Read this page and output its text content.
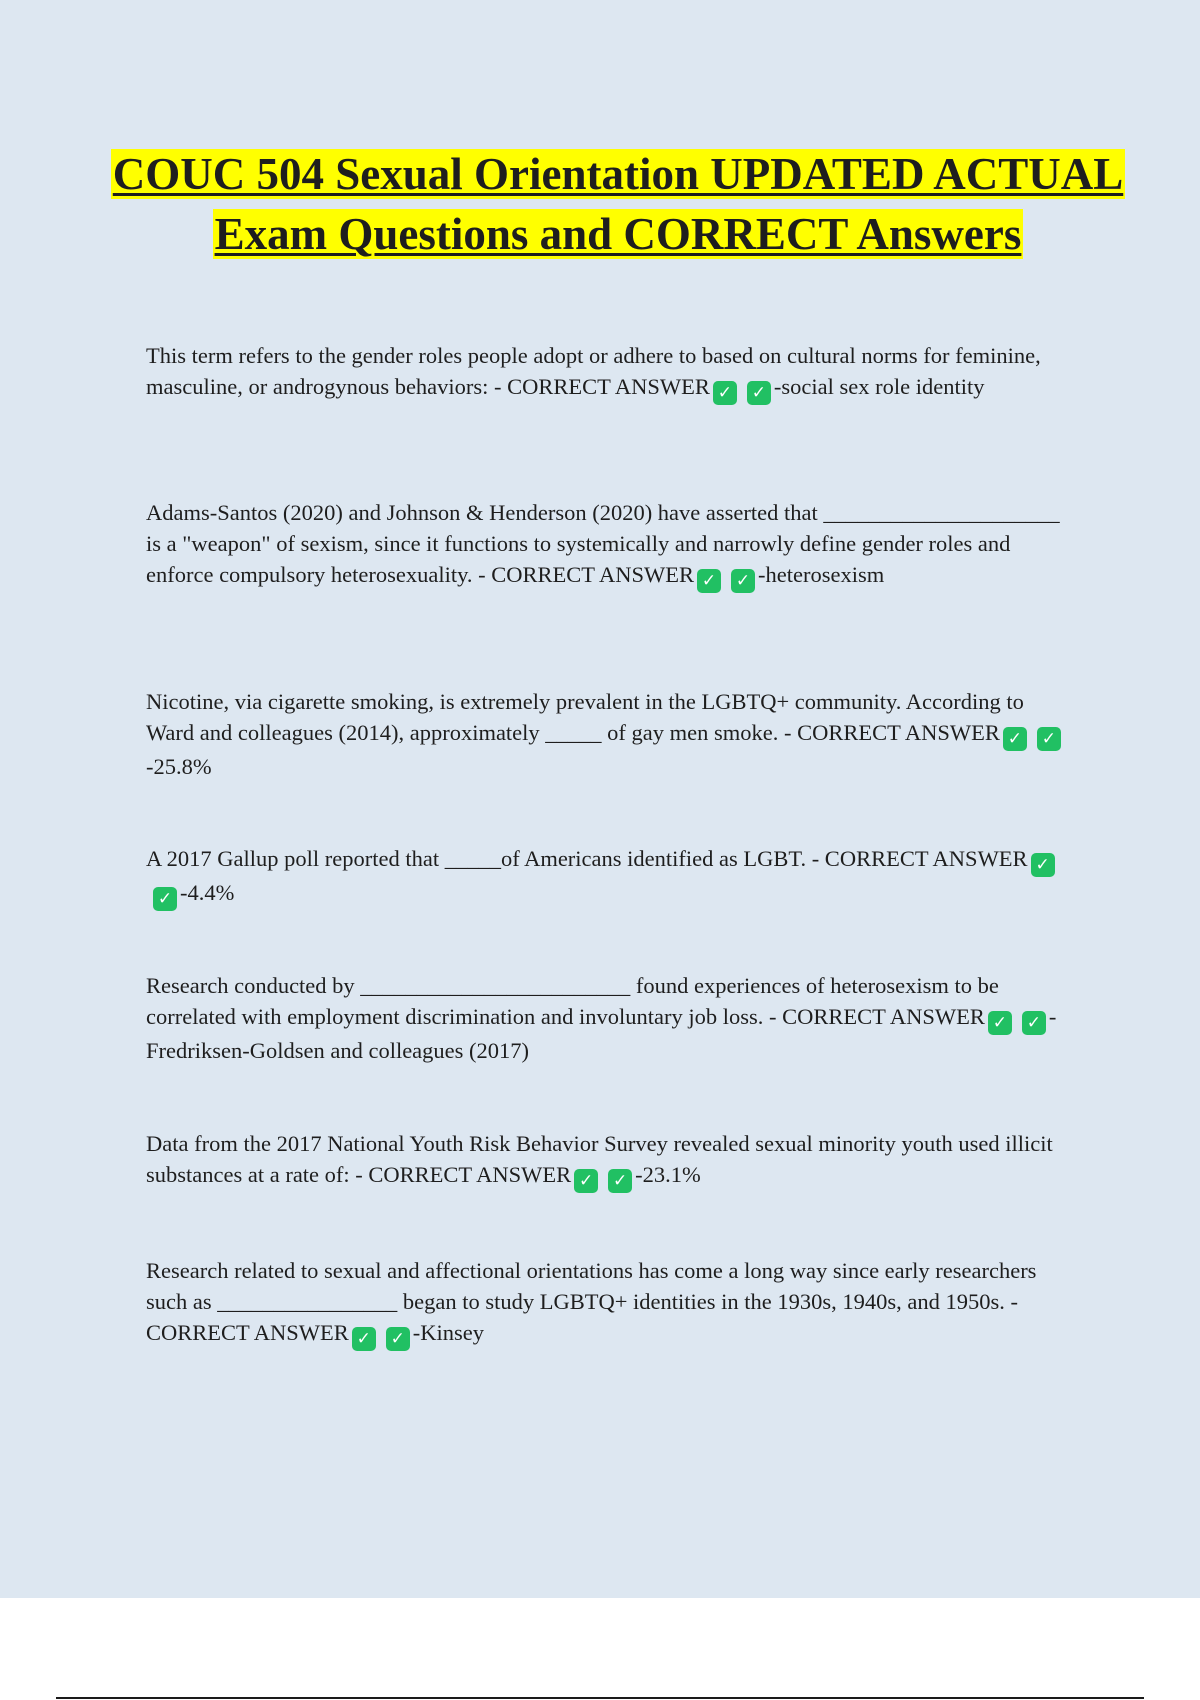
COUC 504 Sexual Orientation UPDATED ACTUAL Exam Questions and CORRECT Answers

This term refers to the gender roles people adopt or adhere to based on cultural norms for feminine, masculine, or androgynous behaviors: - CORRECT ANSWER ✓ ✓ -social sex role identity

Adams-Santos (2020) and Johnson & Henderson (2020) have asserted that _____________________ is a "weapon" of sexism, since it functions to systemically and narrowly define gender roles and enforce compulsory heterosexuality. - CORRECT ANSWER ✓ ✓ -heterosexism

Nicotine, via cigarette smoking, is extremely prevalent in the LGBTQ+ community. According to Ward and colleagues (2014), approximately _____ of gay men smoke. - CORRECT ANSWER ✓ ✓-25.8%

A 2017 Gallup poll reported that _____of Americans identified as LGBT. - CORRECT ANSWER ✓✓ -4.4%

Research conducted by ________________________ found experiences of heterosexism to be correlated with employment discrimination and involuntary job loss. - CORRECT ANSWER ✓ ✓ -Fredriksen-Goldsen and colleagues (2017)

Data from the 2017 National Youth Risk Behavior Survey revealed sexual minority youth used illicit substances at a rate of: - CORRECT ANSWER ✓ ✓ -23.1%

Research related to sexual and affectional orientations has come a long way since early researchers such as ________________ began to study LGBTQ+ identities in the 1930s, 1940s, and 1950s. - CORRECT ANSWER ✓ ✓ -Kinsey
